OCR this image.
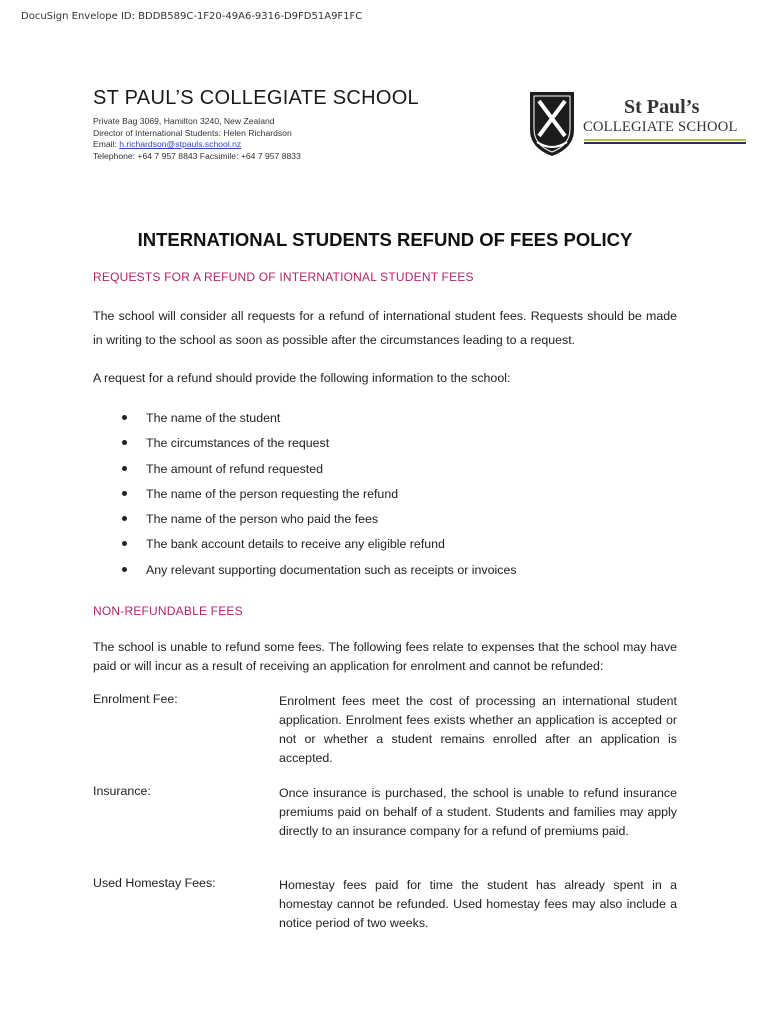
DocuSign Envelope ID: BDDB589C-1F20-49A6-9316-D9FD51A9F1FC
ST PAUL’S COLLEGIATE SCHOOL
Private Bag 3069, Hamilton 3240, New Zealand
Director of International Students: Helen Richardson
Email: h.richardson@stpauls.school.nz
Telephone: +64 7 957 8843 Facsimile: +64 7 957 8833
St Paul’s
COLLEGIATE SCHOOL
INTERNATIONAL STUDENTS REFUND OF FEES POLICY
REQUESTS FOR A REFUND OF INTERNATIONAL STUDENT FEES
The school will consider all requests for a refund of international student fees. Requests should be made in writing to the school as soon as possible after the circumstances leading to a request.
A request for a refund should provide the following information to the school:
The name of the student
The circumstances of the request
The amount of refund requested
The name of the person requesting the refund
The name of the person who paid the fees
The bank account details to receive any eligible refund
Any relevant supporting documentation such as receipts or invoices
NON-REFUNDABLE FEES
The school is unable to refund some fees. The following fees relate to expenses that the school may have paid or will incur as a result of receiving an application for enrolment and cannot be refunded:
Enrolment Fee:	Enrolment fees meet the cost of processing an international student application. Enrolment fees exists whether an application is accepted or not or whether a student remains enrolled after an application is accepted.
Insurance:	Once insurance is purchased, the school is unable to refund insurance premiums paid on behalf of a student. Students and families may apply directly to an insurance company for a refund of premiums paid.
Used Homestay Fees:	Homestay fees paid for time the student has already spent in a homestay cannot be refunded. Used homestay fees may also include a notice period of two weeks.
